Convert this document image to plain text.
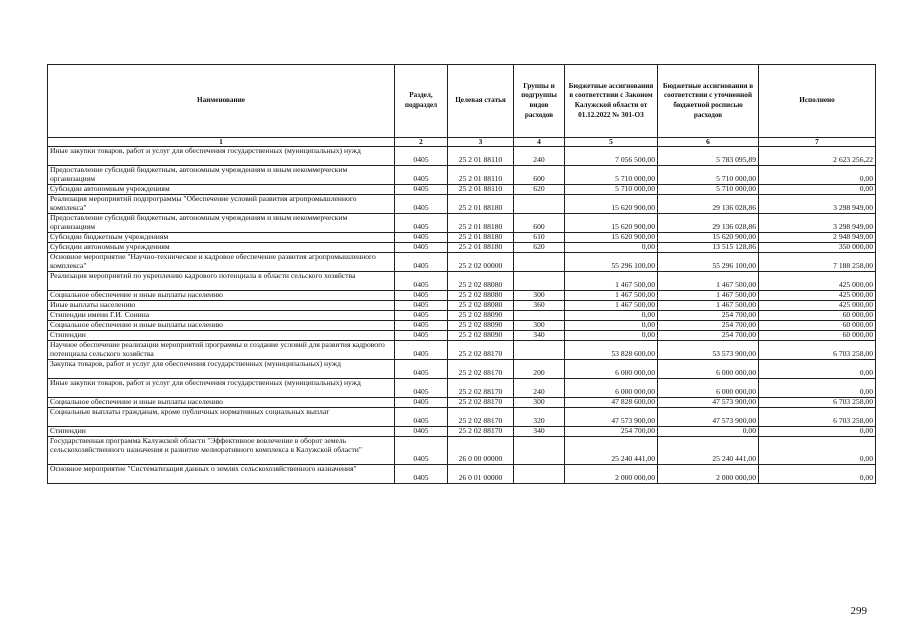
Наименование	Раздел, подраздел	Целевая статья	Группы и подгруппы видов расходов	Бюджетные ассигнования в соответствии с Законом Калужской области от 01.12.2022 № 301-ОЗ	Бюджетные ассигнования в соответствии с уточненной бюджетной росписью расходов	Исполнено
1	2	3	4	5	6	7
Иные закупки товаров, работ и услуг для обеспечения государственных (муниципальных) нужд	0405	25 2 01 88110	240	7 056 500,00	5 783 095,89	2 623 256,22
Предоставление субсидий бюджетным, автономным учреждениям и иным некоммерческим организациям	0405	25 2 01 88110	600	5 710 000,00	5 710 000,00	0,00
Субсидии автономным учреждениям	0405	25 2 01 88110	620	5 710 000,00	5 710 000,00	0,00
Реализация мероприятий подпрограммы "Обеспечение условий развития агропромышленного комплекса"	0405	25 2 01 88180		15 620 900,00	29 136 028,86	3 298 949,00
Предоставление субсидий бюджетным, автономным учреждениям и иным некоммерческим организациям	0405	25 2 01 88180	600	15 620 900,00	29 136 028,86	3 298 949,00
Субсидии бюджетным учреждениям	0405	25 2 01 88180	610	15 620 900,00	15 620 900,00	2 948 949,00
Субсидии автономным учреждениям	0405	25 2 01 88180	620	0,00	13 515 128,86	350 000,00
Основное мероприятие "Научно-техническое и кадровое обеспечение развития агропромышленного комплекса"	0405	25 2 02 00000		55 296 100,00	55 296 100,00	7 188 258,00
Реализация мероприятий по укреплению кадрового потенциала в области сельского хозяйства	0405	25 2 02 88080		1 467 500,00	1 467 500,00	425 000,00
Социальное обеспечение и иные выплаты населению	0405	25 2 02 88080	300	1 467 500,00	1 467 500,00	425 000,00
Иные выплаты населению	0405	25 2 02 88080	360	1 467 500,00	1 467 500,00	425 000,00
Стипендии имени Г.И. Сонина	0405	25 2 02 88090		0,00	254 700,00	60 000,00
Социальное обеспечение и иные выплаты населению	0405	25 2 02 88090	300	0,00	254 700,00	60 000,00
Стипендии	0405	25 2 02 88090	340	0,00	254 700,00	60 000,00
Научное обеспечение реализации мероприятий программы и создание условий для развития кадрового потенциала сельского хозяйства	0405	25 2 02 88170		53 828 600,00	53 573 900,00	6 703 258,00
Закупка товаров, работ и услуг для обеспечения государственных (муниципальных) нужд	0405	25 2 02 88170	200	6 000 000,00	6 000 000,00	0,00
Иные закупки товаров, работ и услуг для обеспечения государственных (муниципальных) нужд	0405	25 2 02 88170	240	6 000 000,00	6 000 000,00	0,00
Социальное обеспечение и иные выплаты населению	0405	25 2 02 88170	300	47 828 600,00	47 573 900,00	6 703 258,00
Социальные выплаты гражданам, кроме публичных нормативных социальных выплат	0405	25 2 02 88170	320	47 573 900,00	47 573 900,00	6 703 258,00
Стипендии	0405	25 2 02 88170	340	254 700,00	0,00	0,00
Государственная программа Калужской области "Эффективное вовлечение в оборот земель сельскохозяйственного назначения и развитие мелиоративного комплекса в Калужской области"	0405	26 0 00 00000		25 240 441,00	25 240 441,00	0,00
Основное мероприятие "Систематизация данных о землях сельскохозяйственного назначения"	0405	26 0 01 00000		2 000 000,00	2 000 000,00	0,00
299
